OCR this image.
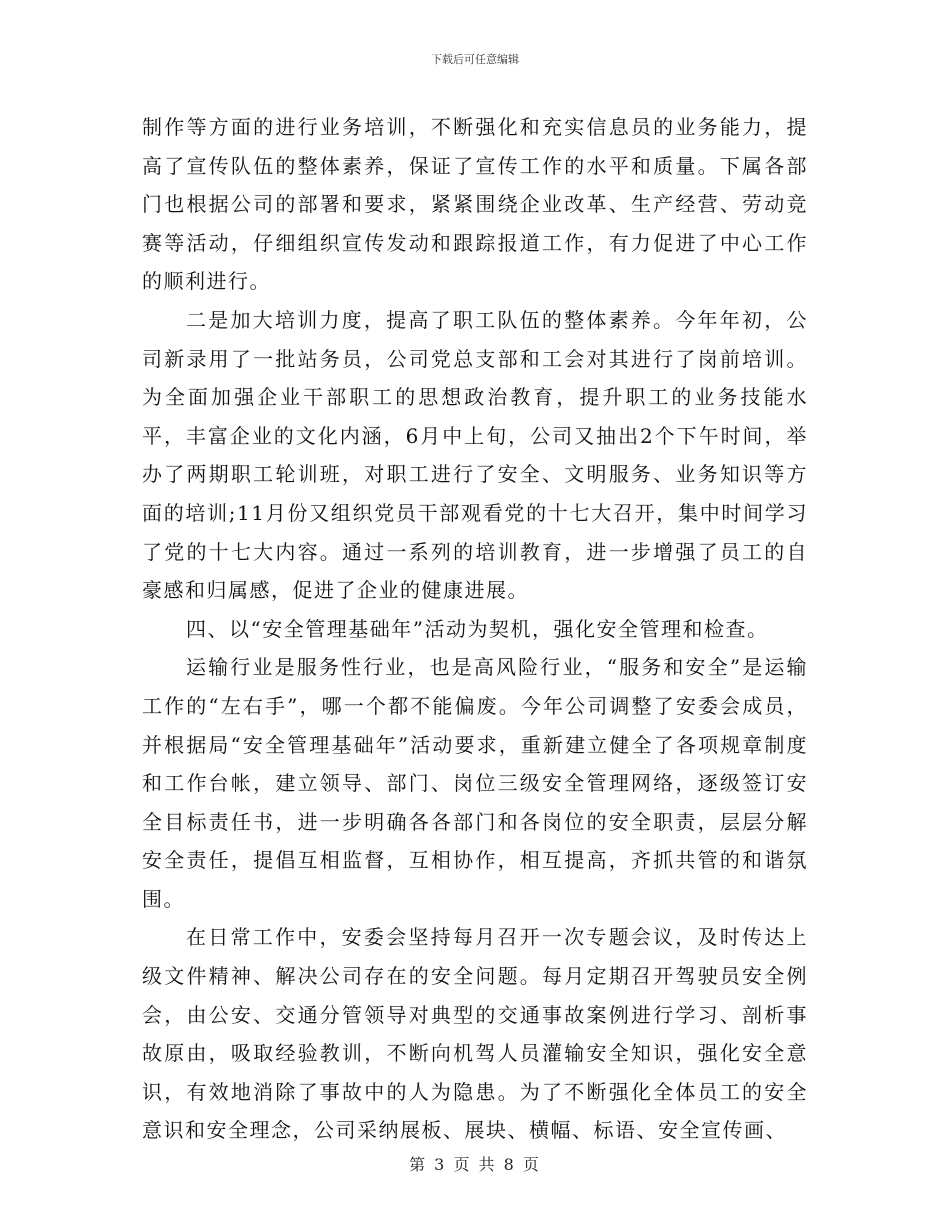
下载后可任意编辑

制作等方面的进行业务培训，不断强化和充实信息员的业务能力，提高了宣传队伍的整体素养，保证了宣传工作的水平和质量。下属各部门也根据公司的部署和要求，紧紧围绕企业改革、生产经营、劳动竞赛等活动，仔细组织宣传发动和跟踪报道工作，有力促进了中心工作的顺利进行。

二是加大培训力度，提高了职工队伍的整体素养。今年年初，公司新录用了一批站务员，公司党总支部和工会对其进行了岗前培训。为全面加强企业干部职工的思想政治教育，提升职工的业务技能水平，丰富企业的文化内涵，6月中上旬，公司又抽出2个下午时间，举办了两期职工轮训班，对职工进行了安全、文明服务、业务知识等方面的培训;11月份又组织党员干部观看党的十七大召开，集中时间学习了党的十七大内容。通过一系列的培训教育，进一步增强了员工的自豪感和归属感，促进了企业的健康进展。

四、以“安全管理基础年”活动为契机，强化安全管理和检查。

运输行业是服务性行业，也是高风险行业，“服务和安全”是运输工作的“左右手”，哪一个都不能偏废。今年公司调整了安委会成员，并根据局“安全管理基础年”活动要求，重新建立健全了各项规章制度和工作台帐，建立领导、部门、岗位三级安全管理网络，逐级签订安全目标责任书，进一步明确各各部门和各岗位的安全职责，层层分解安全责任，提倡互相监督，互相协作，相互提高，齐抓共管的和谐氛围。

在日常工作中，安委会坚持每月召开一次专题会议，及时传达上级文件精神、解决公司存在的安全问题。每月定期召开驾驶员安全例会，由公安、交通分管领导对典型的交通事故案例进行学习、剖析事故原由，吸取经验教训，不断向机驾人员灌输安全知识，强化安全意识，有效地消除了事故中的人为隐患。为了不断强化全体员工的安全意识和安全理念，公司采纳展板、展块、横幅、标语、安全宣传画、

第 3 页 共 8 页
